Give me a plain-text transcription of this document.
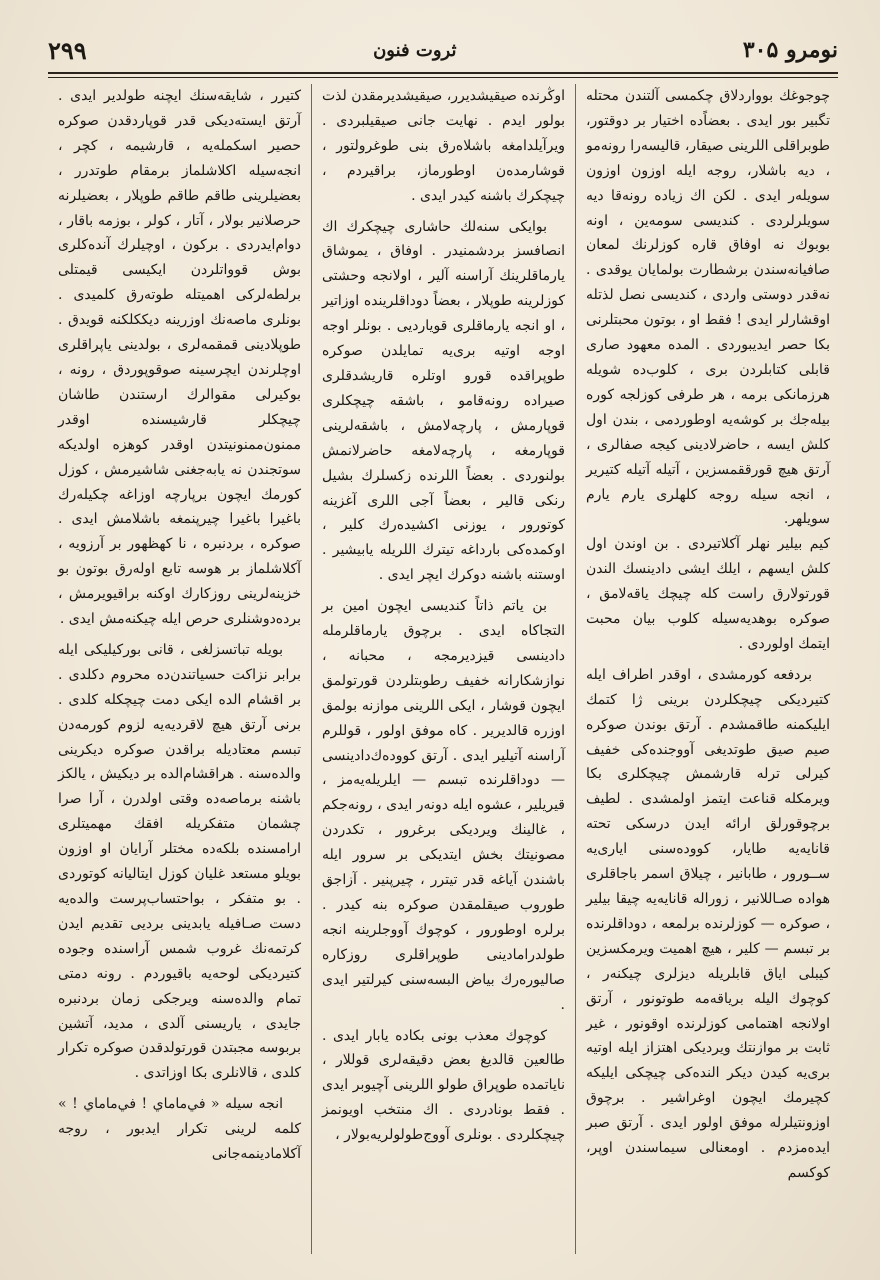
نومرو ۳۰۵
ثروت فنون
۲۹۹

چوجوغك بوواردلاق چكمسى آلتندن محتله تگبير بور ايدى . بعضاًده اختيار بر دوقتور، طوبراقلى اللرينى صيقار، قاليسه‌را رونه‌مو ، ديه باشلار، روجه ايله اوزون اوزون سويله‌ر ايدى . لكن اك زياده رونه‌قا ديه سويلرلردى . كنديسى سومه‌ين ، اونه بوبوك نه اوفاق قاره كوزلرنك لمعان صافيانه‌سندن برشطارت بولمايان يوقدى . نه‌قدر دوستى واردى ، كنديسى نصل لذتله اوقشارلر ايدى ! فقط او ، بوتون محبتلرنى بكا حصر ايديبوردى . المده معهود صارى قابلى كتابلردن برى ، كلوب‌ده شويله هرزمانكى برمه ، هر طرفى كوزلجه كوره بيله‌جك بر كوشه‌يه اوطوردمى ، بندن اول كلش ايسه ، حاضرلادينى كيجه صفالرى ، آرتق هيچ قورققمسزين ، آتيله آتيله كتيرير ، انجه سيله روجه كلهلرى يارم يارم سويلهر.

كيم بيلير نهلر آكلاتيردى . بن اوندن اول كلش ايسهم ، ايلك ايشى دادينسك الندن قورتولارق راست كله چيچك ياقه‌لامق ، صوكره بوهديه‌سيله كلوب بيان محبت ايتمك اولوردى .

بردفعه كورمشدى ، اوقدر اطراف ايله كتيرديكى چيچكلردن برينى ژا كتمك ايليكمنه طاقمشدم . آرتق بوندن صوكره صيم صيق طوتديغى آووجنده‌كى خفيف كيرلى ترله قارشمش چيچكلرى بكا ويرمكله قناعت ايتمز اولمشدى . لطيف برچوقورلق ارائه ايدن درسكى تحته قانايه‌يه طايار، كووده‌سنى ايارى‌يه ســورور ، طابانير ، چيلاق اسمر باجاقلرى هواده صـاللانير ، زوراله قانايه‌يه چيقا بيلير ، صوكره — كوزلرنده برلمعه ، دوداقلرنده بر تبسم — كلير ، هيچ اهميت ويرمكسزين كيبلى اياق قابلريله ديزلرى چيكنه‌ر ، كوچوك اليله برياقه‌مه طوتونور ، آرتق اولانجه اهتمامى كوزلرنده اوقونور ، غير ثابت بر موازنتك ويرديكى اهتزاز ايله اوتيه برى‌يه كيدن ديكر النده‌كى چيچكى ايليكه كچيرمك ايچون اوغراشير . برچوق اوزونتيلرله موفق اولور ايدى . آرتق صبر ايده‌مزدم . اومعنالى سيماسندن اوپر، كوكسم

اوڭرنده صيقيشديرر، صيقيشديرمقدن لذت بولور ايدم . نهايت جانى صيقيلبردى . ويرآيلدامغه باشلاه‌رق بنى طوغرولتور ، قوشارمده‌ن اوطورماز، براقيردم ، چيچكرك باشنه كيدر ايدى .

بوايكى سنه‌لك حاشارى چيچكرك اك انصافسز بردشمنيدر . اوفاق ، يموشاق يارماقلرينك آراسنه آلير ، اولانجه وحشتى كوزلرينه طوپلار ، بعضاً دوداقلرينده اوزاتير ، او انجه يارماقلرى قويارديى . بونلر اوجه اوجه اوتيه برى‌يه تمايلدن صوكره طوپراقده قورو اوتلره قاريشدقلرى صيراده رونه‌قامو ، باشقه چيچكلرى قوپارمش ، پارچه‌لامش ، باشقه‌لرينى قوپارمغه ، پارچه‌لامغه حاضرلانمش بولنوردى . بعضاً اللرنده زكسلرك بشيل رنكى قالير ، بعضاً آجى اللرى آغزينه كوتورور ، يوزنى اكشيده‌رك كلير ، اوكمده‌كى بارداغه تيترك اللريله يابيشير . اوستنه باشنه دوكرك ايچر ايدى .

بن ياتم ذاتاً كنديسى ايچون امين بر التجاكاه ايدى . برچوق يارماقلرمله دادينسى قيزديرمجه ، محبانه ، نوازشكارانه خفيف رطوبتلردن قورتولمق ايچون قوشار ، ايكى اللرينى موازنه بولمق اوزره قالديرير . كاه موفق اولور ، قوللرم آراسنه آتيلير ايدى . آرتق كووده‌ك‌دادينسى — دوداقلرنده تبسم — ايلريله‌يه‌مز ، قيريلير ، عشوه ايله دونه‌ر ايدى ، رونه‌جكم ، غالينك ويرديكى برغرور ، تكدردن مصونيتك بخش ايتديكى بر سرور ايله باشندن آياغه قدر تيترر ، چيرپنير . آزاجق طوروب صيقلمقدن صوكره بنه كيدر . برلره اوطورور ، كوچوك آووجلرينه انجه طولدرامادينى طوپراقلرى روزكاره صاليوره‌رك بياض البسه‌سنى كيرلتير ايدى .

كوچوك معذب بونى بكاده يابار ايدى . طالعين قالديغ بعض دقيقه‌لرى قوللار ، ناياتمده طوپراق طولو اللرينى آچيوبر ايدى . فقط بونادردى . اك منتخب اويونمز چيچكلردى . بونلرى آووج‌طولولريه‌بولار ،

كتيرر ، شايقه‌سنك ايچنه طولدير ايدى . آرتق ايسته‌ديكى قدر قوپاردقدن صوكره حصير اسكمله‌يه ، قارشيمه ، كچر ، انجه‌سيله اكلاشلماز برمقام طوتدرر ، بعضيلرينى طاقم طاقم طوپلار ، بعضيلرنه حرصلانير بولار ، آتار ، كولر ، بوزمه باقار ، دوام‌ايدردى . بركون ، اوچيلرك آنده‌كلرى بوش قوواتلردن ايكيسى قيمتلى برلطه‌لركى اهميتله طوته‌رق كلميدى . بونلرى ماصه‌نك اوزرينه ديككلكنه قويدق . طوپلادينى قمقمه‌لرى ، بولدينى ياپراقلرى اوچلرندن ايچرسينه صوقوپوردق ، رونه ، بوكيرلى مقوالرك ارستندن طاشان چيچكلر قارشيسنده اوقدر ممنون‌ممنونيتدن اوقدر كوهزه اولديكه سوتجندن نه يابه‌جغنى شاشيرمش ، كوزل كورمك ايچون برپارچه اوزاغه چكيله‌رك باغيرا باغيرا چيرپنمغه باشلامش ايدى . صوكره ، بردنبره ، نا كهظهور بر آرزويه ، آكلاشلماز بر هوسه تابع اوله‌رق بوتون بو خزينه‌لرينى روزكارك اوكنه براقيويرمش ، برده‌دوشنلرى حرص ايله چيكنه‌مش ايدى .

بويله تباتسزلغى ، قانى بوركيليكى ايله برابر نزاكت حسياتندن‌ده محروم دكلدى . بر اقشام الده ايكى دمت چيچكله كلدى . برنى آرتق هيچ لاقرديه‌يه لزوم كورمه‌دن تبسم معتاديله براقدن صوكره ديكرينى والده‌سنه . هراقشام‌الده بر ديكيش ، يالكز باشنه برماصه‌ده وقتى اولدرن ، آرا صرا چشمان متفكريله افقك مهميتلرى ارامسنده بلكه‌ده مختلر آرايان او اوزون بويلو مستعد غليان كوزل ايتاليانه كوتوردى . بو متفكر ، بواحتساب‌پرست والده‌يه دست صـافيله يابدينى برديى تقديم ايدن كرتمه‌نك غروب شمس آراسنده وجوده كتيرديكى لوحه‌يه باقيوردم . رونه دمتى تمام والده‌سنه ويرجكى زمان بردنبره جايدى ، ياريسنى آلدى ، مديد، آتشين بربوسه مجبتدن قورتولدقدن صوكره تكرار كلدى ، قالانلرى بكا اوزاتدى .

انجه سيله « في‌ماماي ! في‌ماماي ! » كلمه‌ لرينى تكرار ايدبور ، روجه آكلامادينمه‌جانى
